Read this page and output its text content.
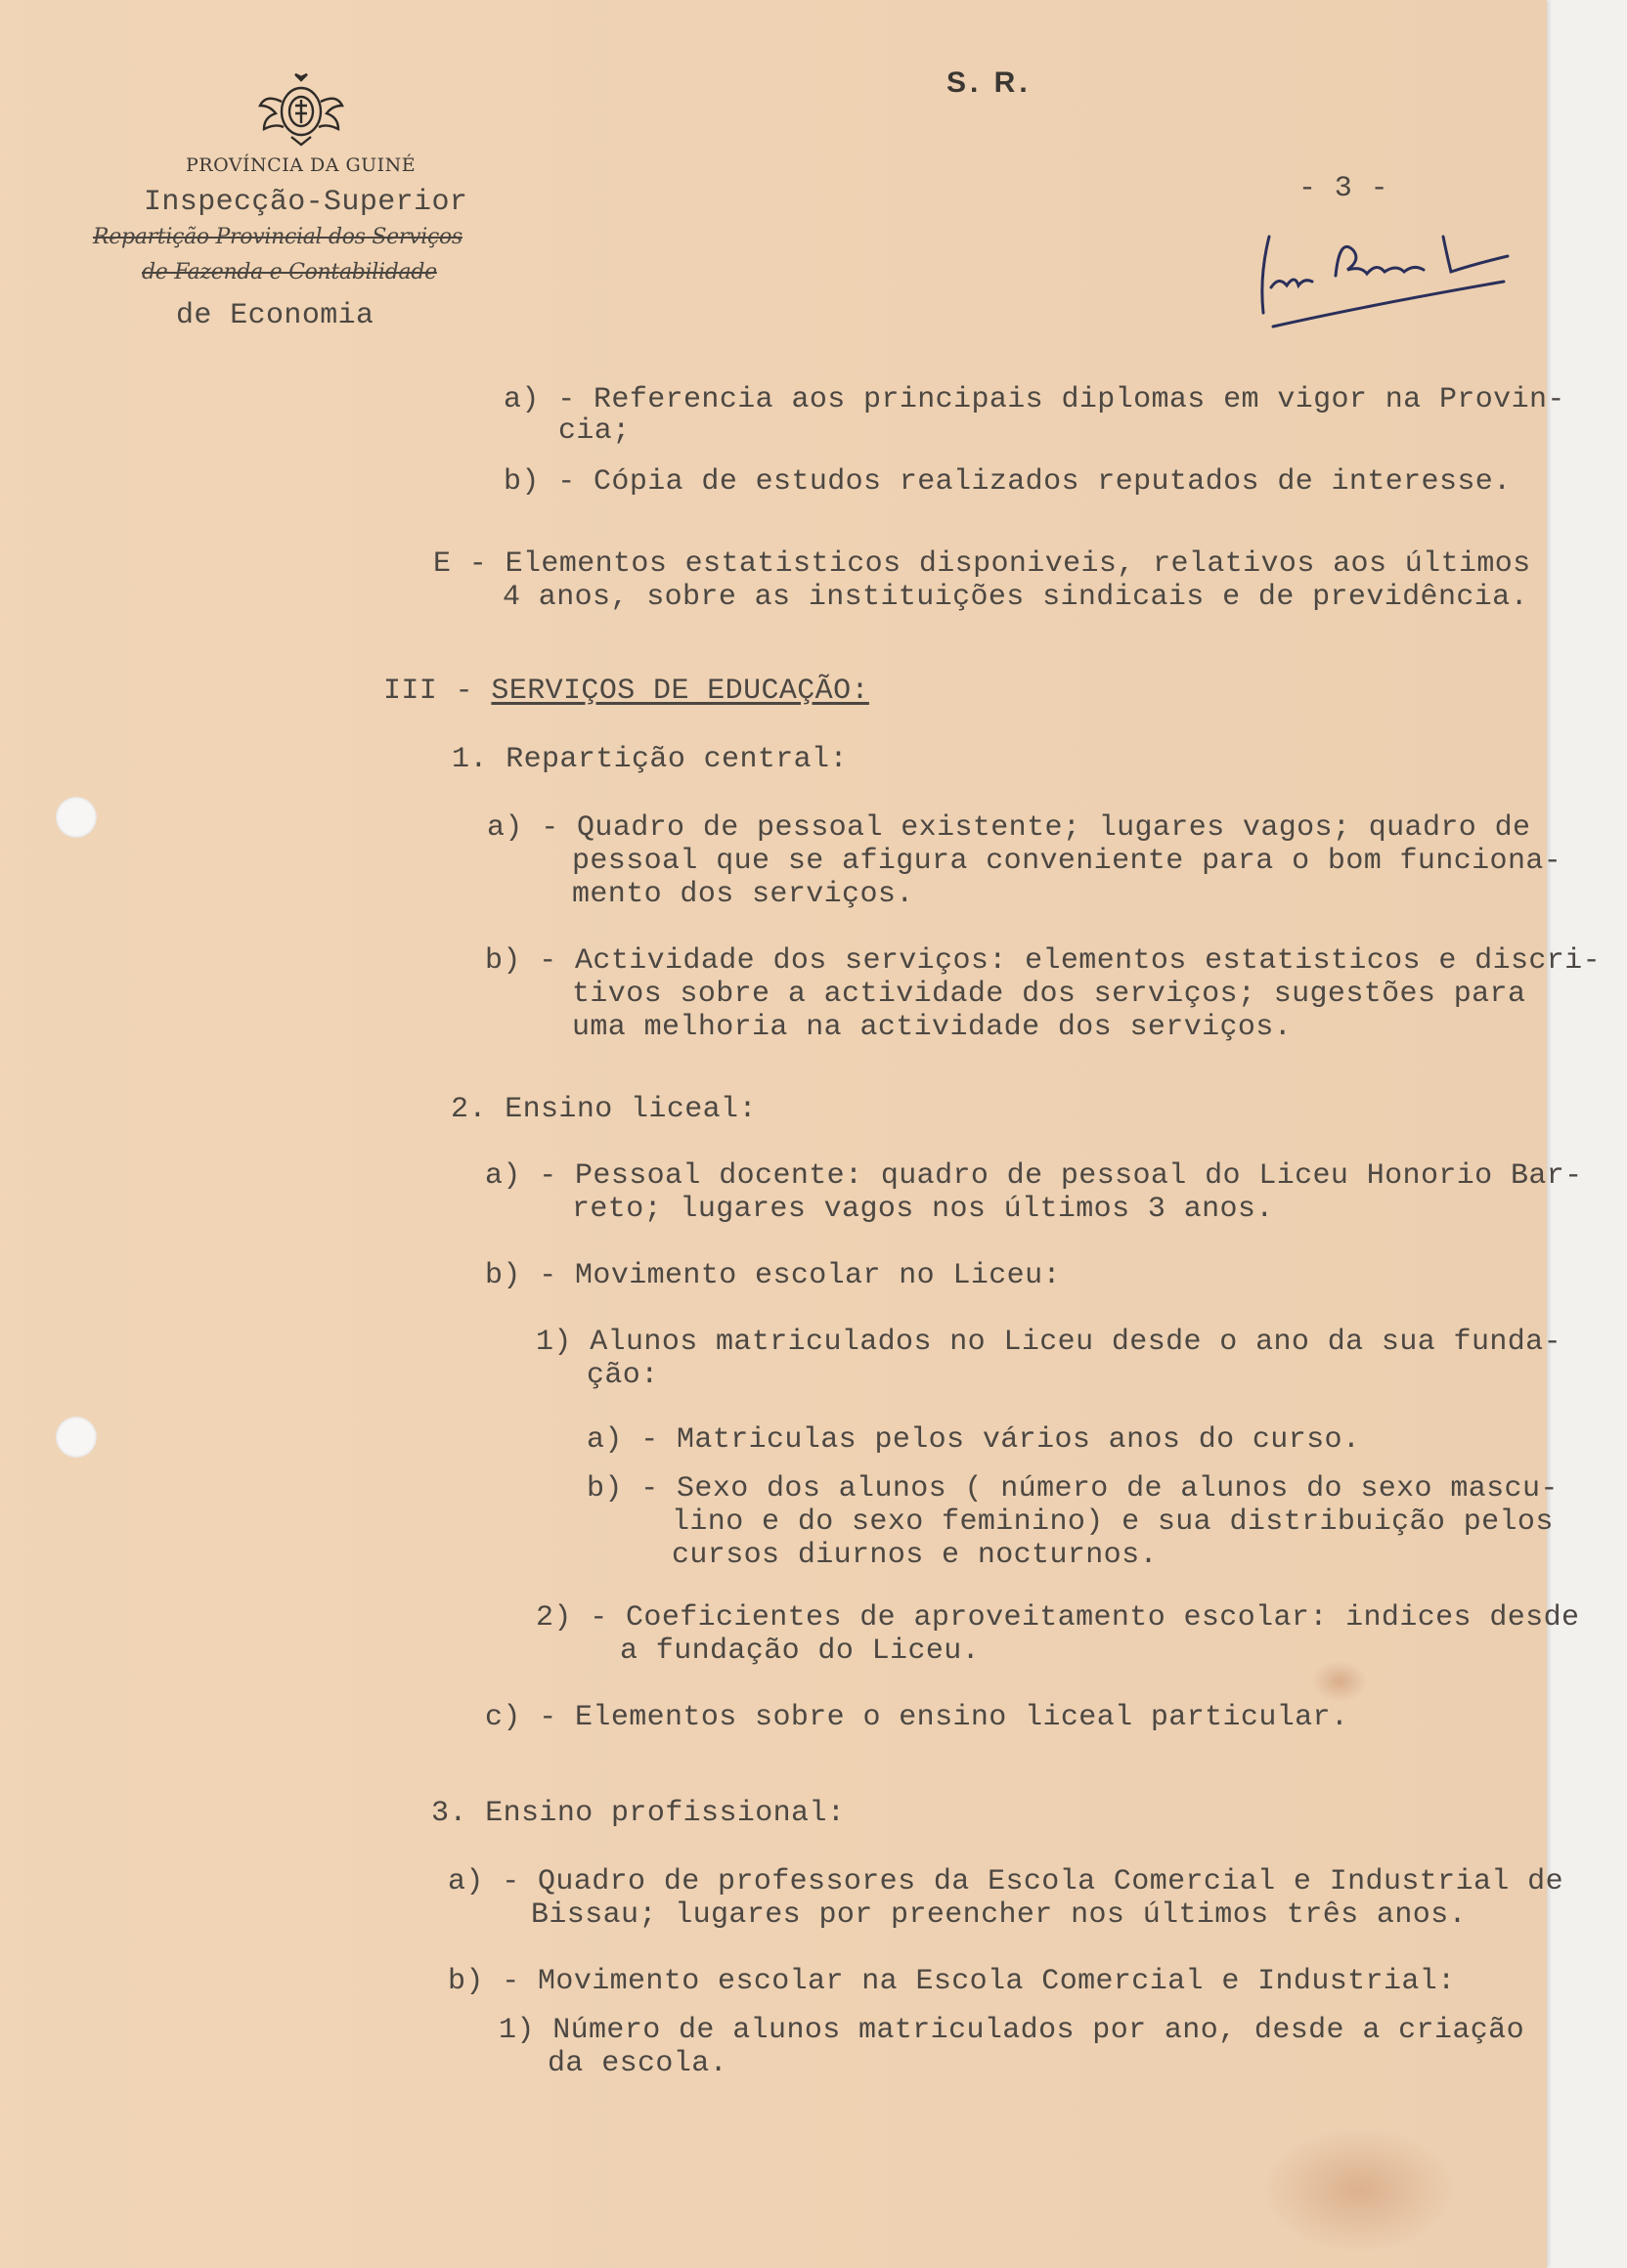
S. R.
PROVÍNCIA DA GUINÉ
Inspecção-Superior
Repartição Provincial dos Serviços
de Fazenda e Contabilidade
de Economia
- 3 -
a) - Referencia aos principais diplomas em vigor na Provin-
cia;
b) - Cópia de estudos realizados reputados de interesse.
E - Elementos estatisticos disponiveis, relativos aos últimos
4 anos, sobre as instituições sindicais e de previdência.
III - SERVIÇOS DE EDUCAÇÃO:
1. Repartição central:
a) - Quadro de pessoal existente; lugares vagos; quadro de
pessoal que se afigura conveniente para o bom funciona-
mento dos serviços.
b) - Actividade dos serviços: elementos estatisticos e discri-
tivos sobre a actividade dos serviços; sugestões para
uma melhoria na actividade dos serviços.
2. Ensino liceal:
a) - Pessoal docente: quadro de pessoal do Liceu Honorio Bar-
reto; lugares vagos nos últimos 3 anos.
b) - Movimento escolar no Liceu:
1) Alunos matriculados no Liceu desde o ano da sua funda-
ção:
a) - Matriculas pelos vários anos do curso.
b) - Sexo dos alunos ( número de alunos do sexo mascu-
lino e do sexo feminino) e sua distribuição pelos
cursos diurnos e nocturnos.
2) - Coeficientes de aproveitamento escolar: indices desde
a fundação do Liceu.
c) - Elementos sobre o ensino liceal particular.
3. Ensino profissional:
a) - Quadro de professores da Escola Comercial e Industrial de
Bissau; lugares por preencher nos últimos três anos.
b) - Movimento escolar na Escola Comercial e Industrial:
1) Número de alunos matriculados por ano, desde a criação
da escola.
